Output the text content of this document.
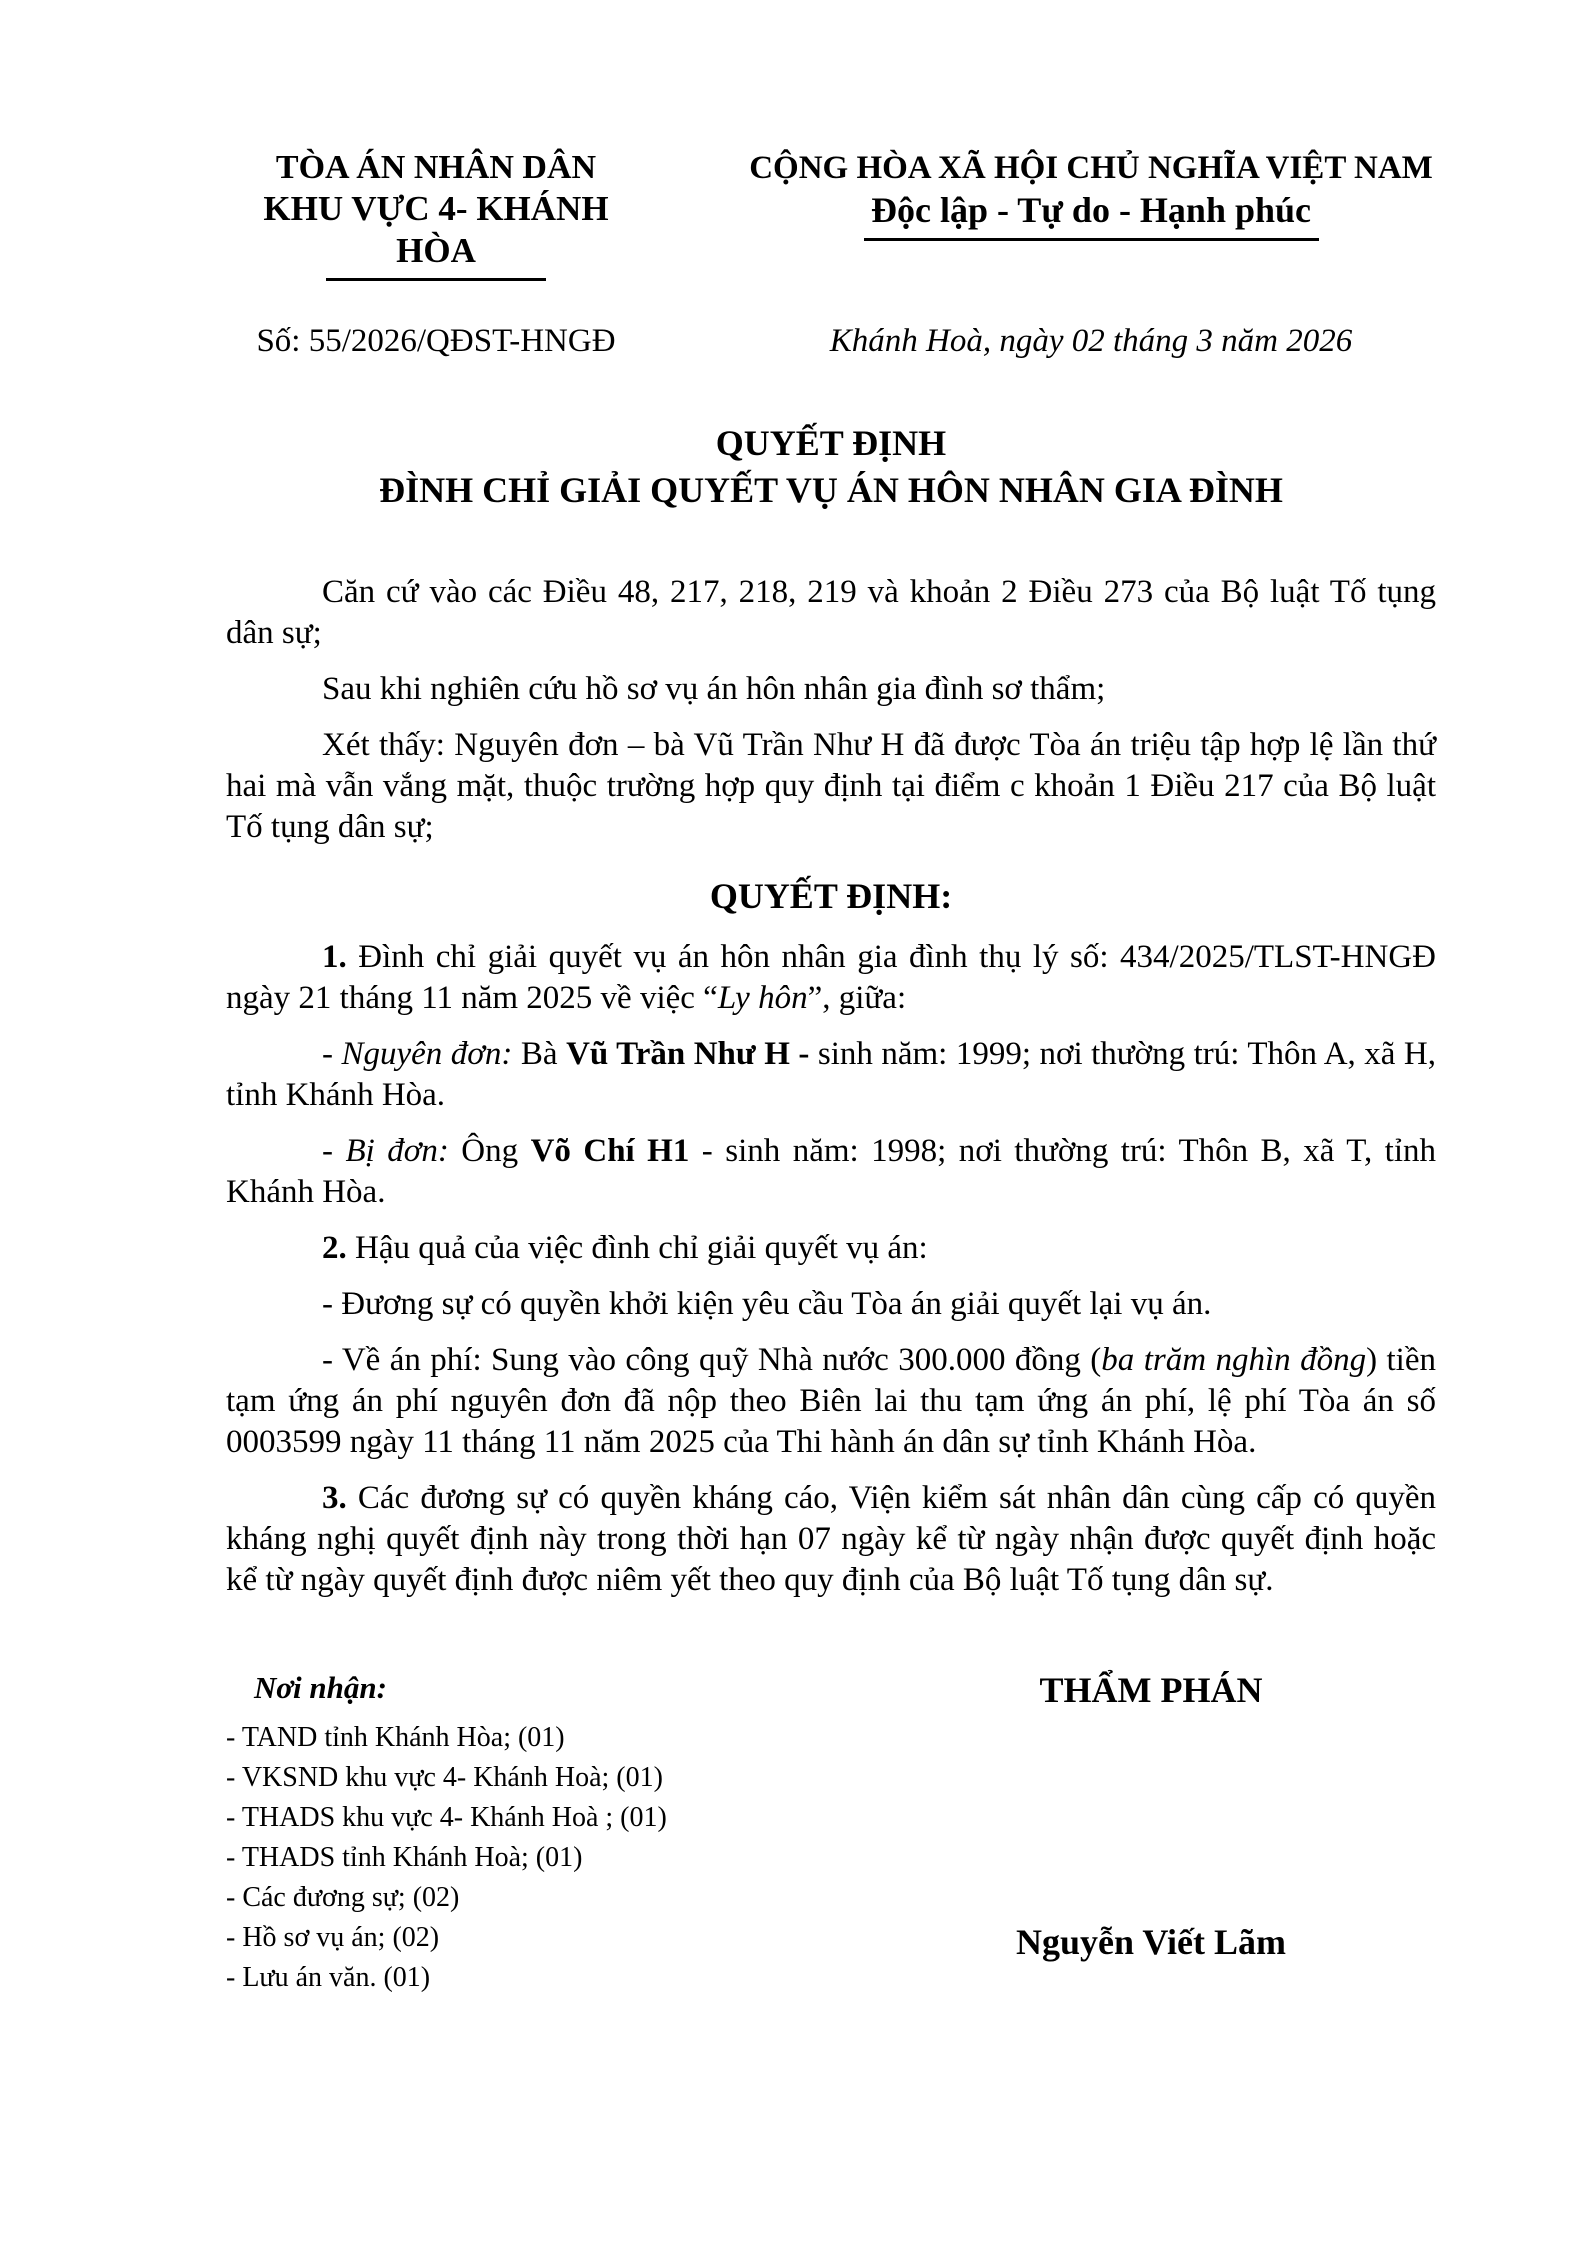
TÒA ÁN NHÂN DÂN
KHU VỰC 4- KHÁNH HÒA
CỘNG HÒA XÃ HỘI CHỦ NGHĨA VIỆT NAM
Độc lập - Tự do - Hạnh phúc
Số: 55/2026/QĐST-HNGĐ	Khánh Hoà, ngày 02 tháng 3 năm 2026
QUYẾT ĐỊNH
ĐÌNH CHỈ GIẢI QUYẾT VỤ ÁN HÔN NHÂN GIA ĐÌNH

Căn cứ vào các Điều 48, 217, 218, 219 và khoản 2 Điều 273 của Bộ luật Tố tụng dân sự;

Sau khi nghiên cứu hồ sơ vụ án hôn nhân gia đình sơ thẩm;

Xét thấy: Nguyên đơn – bà Vũ Trần Như H đã được Tòa án triệu tập hợp lệ lần thứ hai mà vẫn vắng mặt, thuộc trường hợp quy định tại điểm c khoản 1 Điều 217 của Bộ luật Tố tụng dân sự;

QUYẾT ĐỊNH:

1. Đình chỉ giải quyết vụ án hôn nhân gia đình thụ lý số: 434/2025/TLST-HNGĐ ngày 21 tháng 11 năm 2025 về việc “Ly hôn”, giữa:

- Nguyên đơn: Bà Vũ Trần Như H - sinh năm: 1999; nơi thường trú: Thôn A, xã H, tỉnh Khánh Hòa.

- Bị đơn: Ông Võ Chí H1 - sinh năm: 1998; nơi thường trú: Thôn B, xã T, tỉnh Khánh Hòa.

2. Hậu quả của việc đình chỉ giải quyết vụ án:

- Đương sự có quyền khởi kiện yêu cầu Tòa án giải quyết lại vụ án.

- Về án phí: Sung vào công quỹ Nhà nước 300.000 đồng (ba trăm nghìn đồng) tiền tạm ứng án phí nguyên đơn đã nộp theo Biên lai thu tạm ứng án phí, lệ phí Tòa án số 0003599 ngày 11 tháng 11 năm 2025 của Thi hành án dân sự tỉnh Khánh Hòa.

3. Các đương sự có quyền kháng cáo, Viện kiểm sát nhân dân cùng cấp có quyền kháng nghị quyết định này trong thời hạn 07 ngày kể từ ngày nhận được quyết định hoặc kể từ ngày quyết định được niêm yết theo quy định của Bộ luật Tố tụng dân sự.

Nơi nhận:
- TAND tỉnh Khánh Hòa; (01)
- VKSND khu vực 4- Khánh Hoà; (01)
- THADS khu vực 4- Khánh Hoà ; (01)
- THADS tỉnh Khánh Hoà; (01)
- Các đương sự; (02)
- Hồ sơ vụ án; (02)
- Lưu án văn. (01)
THẨM PHÁN
Nguyễn Viết Lãm
